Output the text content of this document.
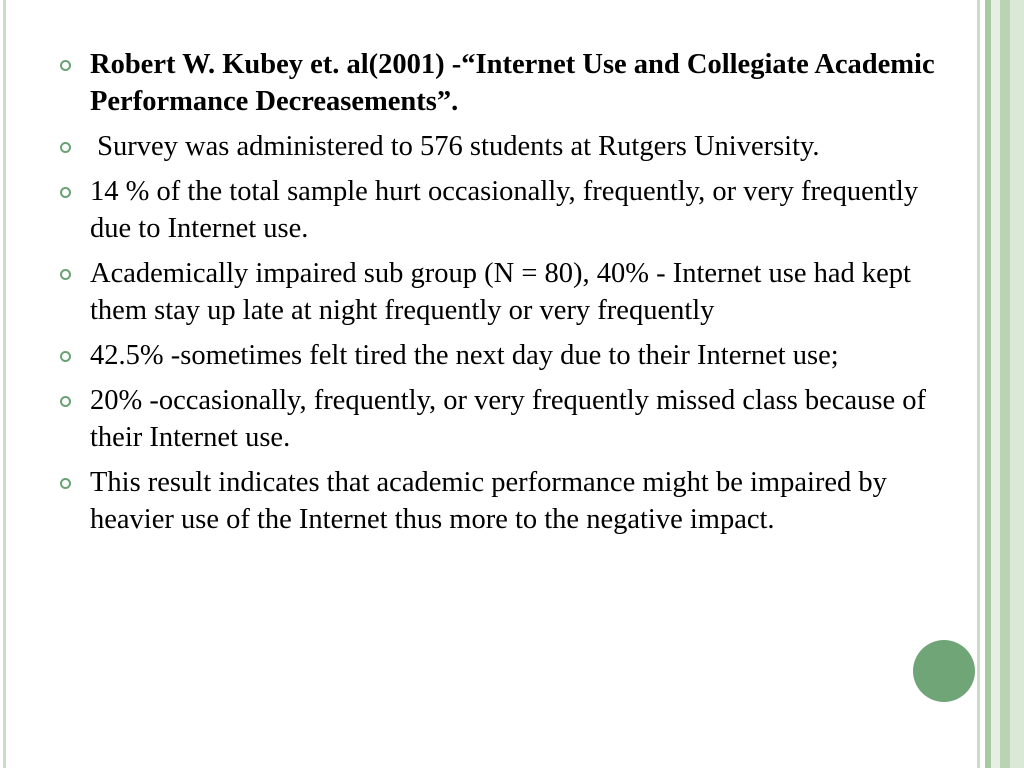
Robert W. Kubey et. al(2001) -“Internet Use and Collegiate Academic Performance Decreasements”.
Survey was administered to 576 students at Rutgers University.
14 % of the total sample hurt occasionally, frequently, or very frequently due to Internet use.
Academically impaired sub group (N = 80), 40% - Internet use had kept them stay up late at night frequently or very frequently
42.5% -sometimes felt tired the next day due to their Internet use;
20% -occasionally, frequently, or very frequently missed class because of their Internet use.
This result indicates that academic performance might be impaired by heavier use of the Internet thus more to the negative impact.
